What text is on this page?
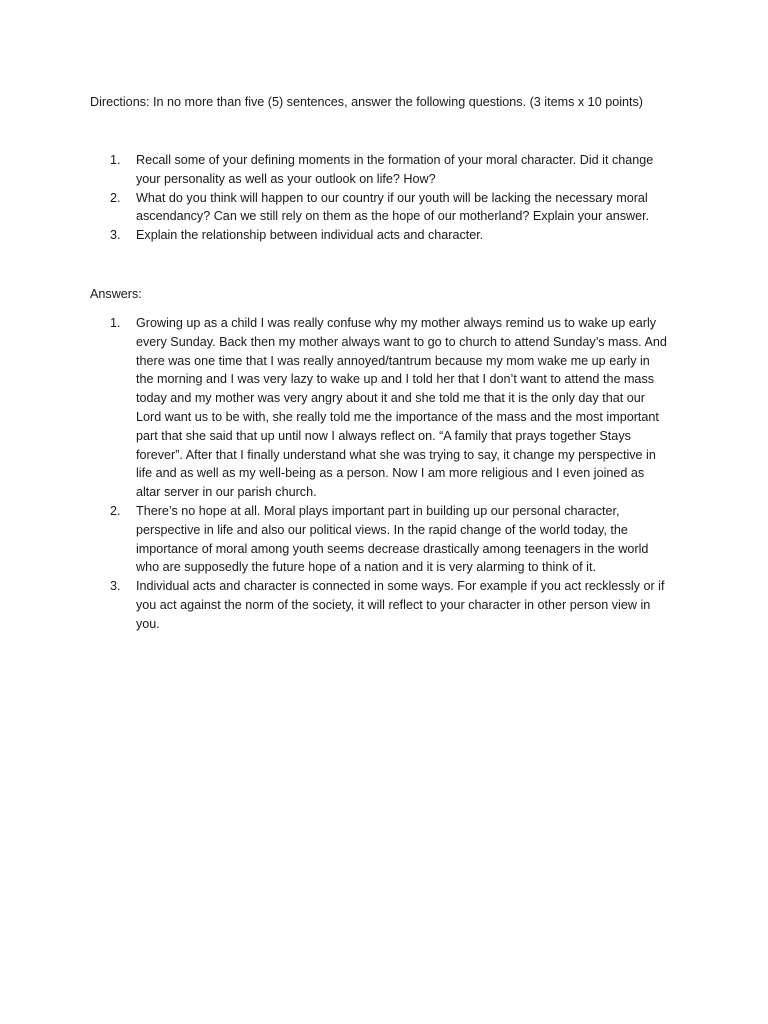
Directions: In no more than five (5) sentences, answer the following questions. (3 items x 10 points)
1. Recall some of your defining moments in the formation of your moral character. Did it change your personality as well as your outlook on life? How?
2. What do you think will happen to our country if our youth will be lacking the necessary moral ascendancy? Can we still rely on them as the hope of our motherland? Explain your answer.
3. Explain the relationship between individual acts and character.
Answers:
1. Growing up as a child I was really confuse why my mother always remind us to wake up early every Sunday. Back then my mother always want to go to church to attend Sunday’s mass. And there was one time that I was really annoyed/tantrum because my mom wake me up early in the morning and I was very lazy to wake up and I told her that I don’t want to attend the mass today and my mother was very angry about it and she told me that it is the only day that our Lord want us to be with, she really told me the importance of the mass and the most important part that she said that up until now I always reflect on. “A family that prays together Stays forever”. After that I finally understand what she was trying to say, it change my perspective in life and as well as my well-being as a person. Now I am more religious and I even joined as altar server in our parish church.
2. There’s no hope at all. Moral plays important part in building up our personal character, perspective in life and also our political views. In the rapid change of the world today, the importance of moral among youth seems decrease drastically among teenagers in the world who are supposedly the future hope of a nation and it is very alarming to think of it.
3. Individual acts and character is connected in some ways. For example if you act recklessly or if you act against the norm of the society, it will reflect to your character in other person view in you.
